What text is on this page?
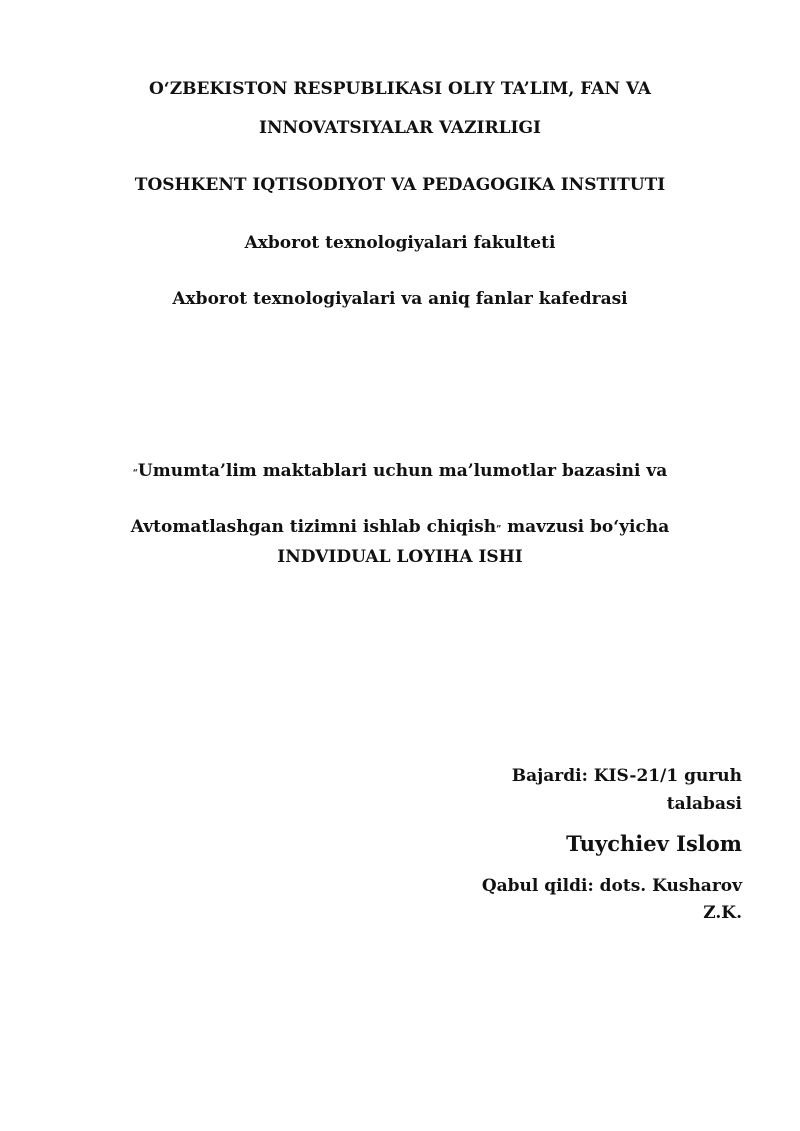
O‘ZBEKISTON RESPUBLIKASI OLIY TA’LIM, FAN VA
INNOVATSIYALAR VAZIRLIGI
TOSHKENT IQTISODIYOT VA PEDAGOGIKA INSTITUTI
Axborot texnologiyalari fakulteti
Axborot texnologiyalari va aniq fanlar kafedrasi
“Umumta’lim maktablari uchun ma’lumotlar bazasini va
Avtomatlashgan tizimni ishlab chiqish” mavzusi bo‘yicha
INDVIDUAL LOYIHA ISHI
Bajardi: KIS-21/1 guruh
talabasi
Tuychiev Islom
Qabul qildi: dots. Kusharov
Z.K.
